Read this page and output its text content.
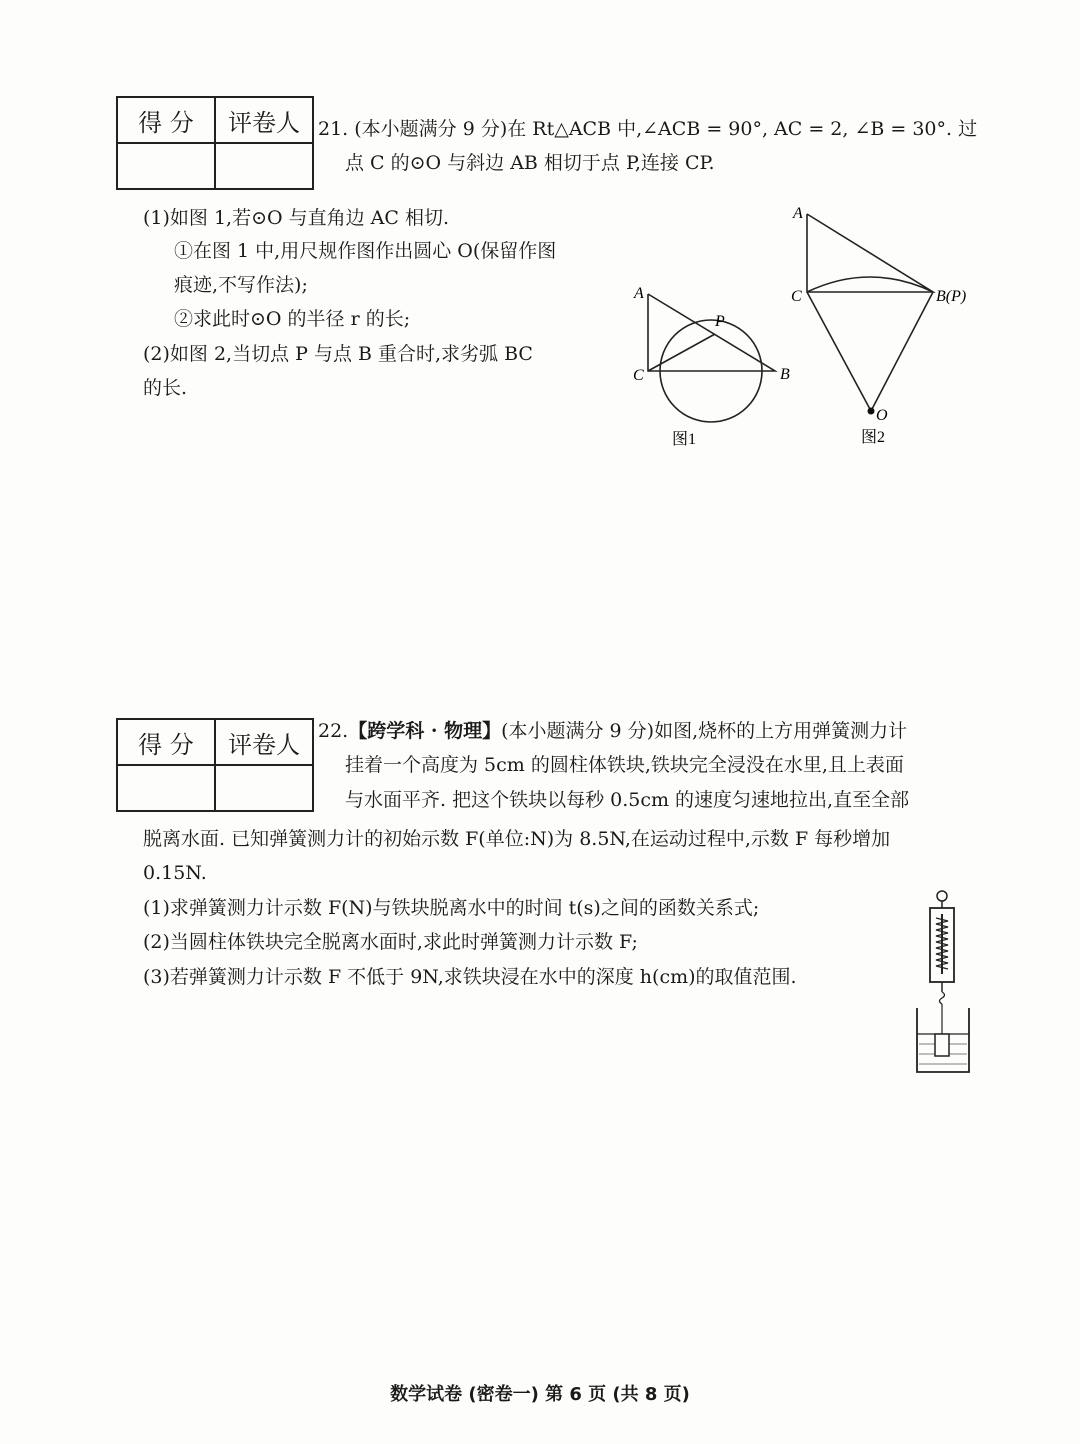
得 分	评卷人
	21. (本小题满分 9 分)在 Rt△ACB 中,∠ACB = 90°, AC = 2, ∠B = 30°. 过
点 C 的⊙O 与斜边 AB 相切于点 P,连接 CP.
(1)如图 1,若⊙O 与直角边 AC 相切.
①在图 1 中,用尺规作图作出圆心 O(保留作图
痕迹,不写作法);
②求此时⊙O 的半径 r 的长;
(2)如图 2,当切点 P 与点 B 重合时,求劣弧 BC
的长.
A
C	B
P
图1
A
C	B(P)
O
图2
得 分	评卷人
	22.【跨学科 · 物理】(本小题满分 9 分)如图,烧杯的上方用弹簧测力计
挂着一个高度为 5cm 的圆柱体铁块,铁块完全浸没在水里,且上表面
与水面平齐. 把这个铁块以每秒 0.5cm 的速度匀速地拉出,直至全部
脱离水面. 已知弹簧测力计的初始示数 F(单位:N)为 8.5N,在运动过程中,示数 F 每秒增加
0.15N.
(1)求弹簧测力计示数 F(N)与铁块脱离水中的时间 t(s)之间的函数关系式;
(2)当圆柱体铁块完全脱离水面时,求此时弹簧测力计示数 F;
(3)若弹簧测力计示数 F 不低于 9N,求铁块浸在水中的深度 h(cm)的取值范围.
数学试卷 (密卷一) 第 6 页 (共 8 页)
